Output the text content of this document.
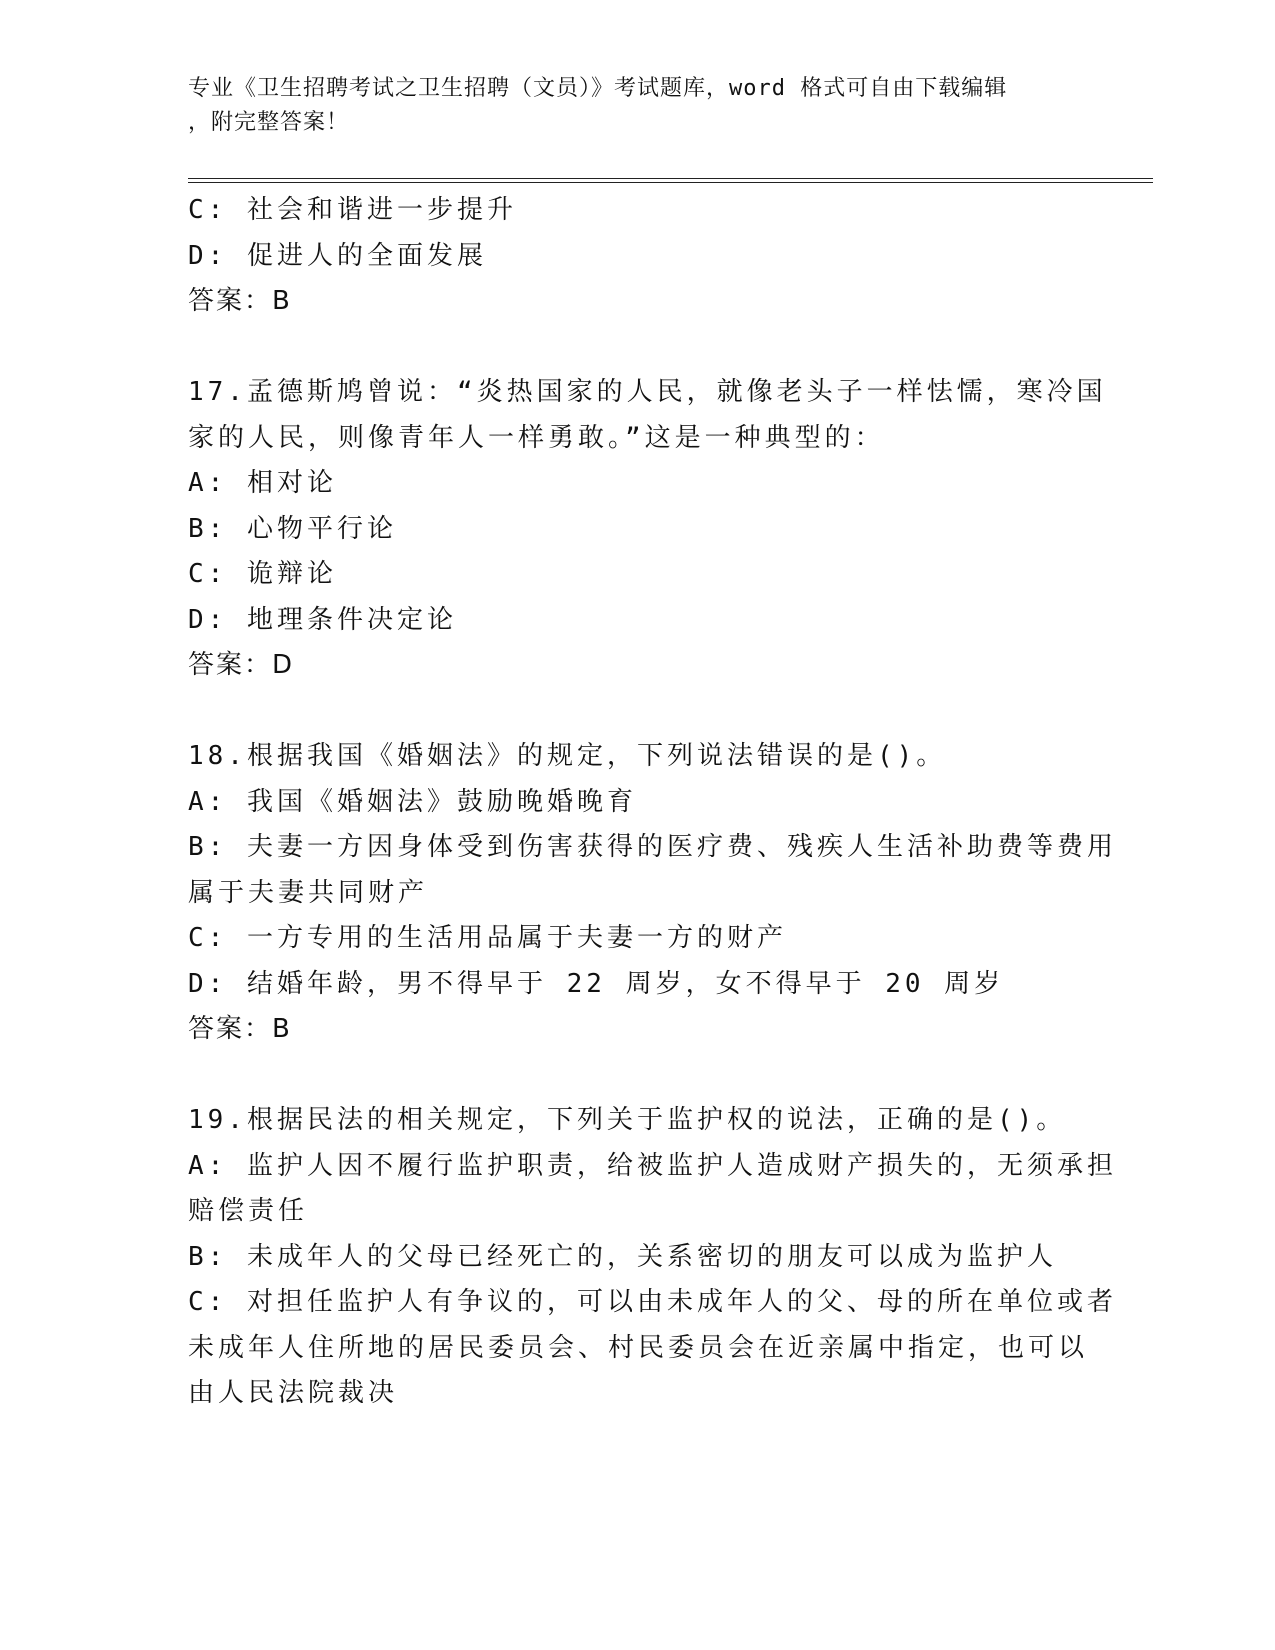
专业《卫生招聘考试之卫生招聘（文员）》考试题库，word 格式可自由下载编辑
，附完整答案！
C: 社会和谐进一步提升
D: 促进人的全面发展
答案：B
17.孟德斯鸠曾说：“炎热国家的人民，就像老头子一样怯懦，寒冷国
家的人民，则像青年人一样勇敢。”这是一种典型的：
A: 相对论
B: 心物平行论
C: 诡辩论
D: 地理条件决定论
答案：D
18.根据我国《婚姻法》的规定，下列说法错误的是()。
A: 我国《婚姻法》鼓励晚婚晚育
B: 夫妻一方因身体受到伤害获得的医疗费、残疾人生活补助费等费用
属于夫妻共同财产
C: 一方专用的生活用品属于夫妻一方的财产
D: 结婚年龄，男不得早于 22 周岁，女不得早于 20 周岁
答案：B
19.根据民法的相关规定，下列关于监护权的说法，正确的是()。
A: 监护人因不履行监护职责，给被监护人造成财产损失的，无须承担
赔偿责任
B: 未成年人的父母已经死亡的，关系密切的朋友可以成为监护人
C: 对担任监护人有争议的，可以由未成年人的父、母的所在单位或者
未成年人住所地的居民委员会、村民委员会在近亲属中指定，也可以
由人民法院裁决
